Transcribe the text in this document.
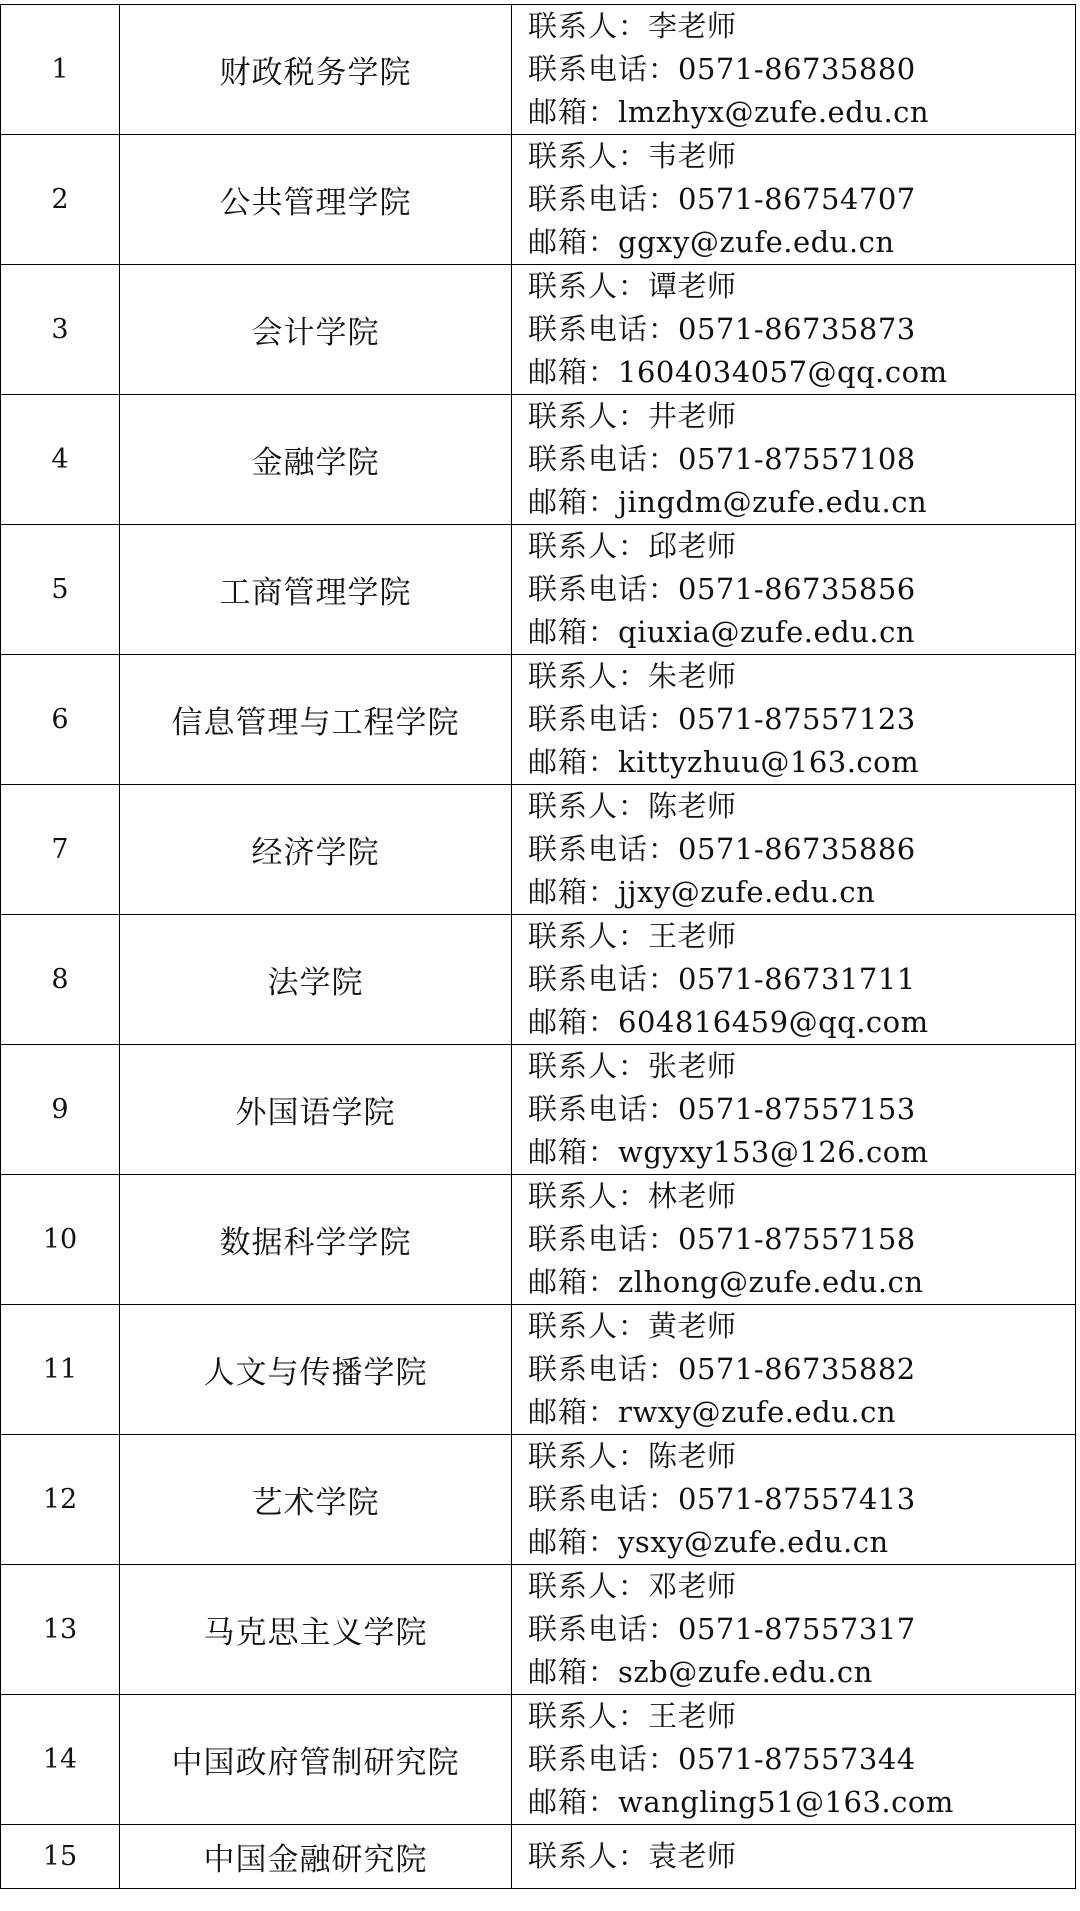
1	财政税务学院	联系人：李老师
联系电话：0571-86735880
邮箱：lmzhyx@zufe.edu.cn

2	公共管理学院	联系人：韦老师
联系电话：0571-86754707
邮箱：ggxy@zufe.edu.cn

3	会计学院	联系人：谭老师
联系电话：0571-86735873
邮箱：1604034057@qq.com

4	金融学院	联系人：井老师
联系电话：0571-87557108
邮箱：jingdm@zufe.edu.cn

5	工商管理学院	联系人：邱老师
联系电话：0571-86735856
邮箱：qiuxia@zufe.edu.cn

6	信息管理与工程学院	联系人：朱老师
联系电话：0571-87557123
邮箱：kittyzhuu@163.com

7	经济学院	联系人：陈老师
联系电话：0571-86735886
邮箱：jjxy@zufe.edu.cn

8	法学院	联系人：王老师
联系电话：0571-86731711
邮箱：604816459@qq.com

9	外国语学院	联系人：张老师
联系电话：0571-87557153
邮箱：wgyxy153@126.com

10	数据科学学院	联系人：林老师
联系电话：0571-87557158
邮箱：zlhong@zufe.edu.cn

11	人文与传播学院	联系人：黄老师
联系电话：0571-86735882
邮箱：rwxy@zufe.edu.cn

12	艺术学院	联系人：陈老师
联系电话：0571-87557413
邮箱：ysxy@zufe.edu.cn

13	马克思主义学院	联系人：邓老师
联系电话：0571-87557317
邮箱：szb@zufe.edu.cn

14	中国政府管制研究院	联系人：王老师
联系电话：0571-87557344
邮箱：wangling51@163.com

15	中国金融研究院	联系人：袁老师
